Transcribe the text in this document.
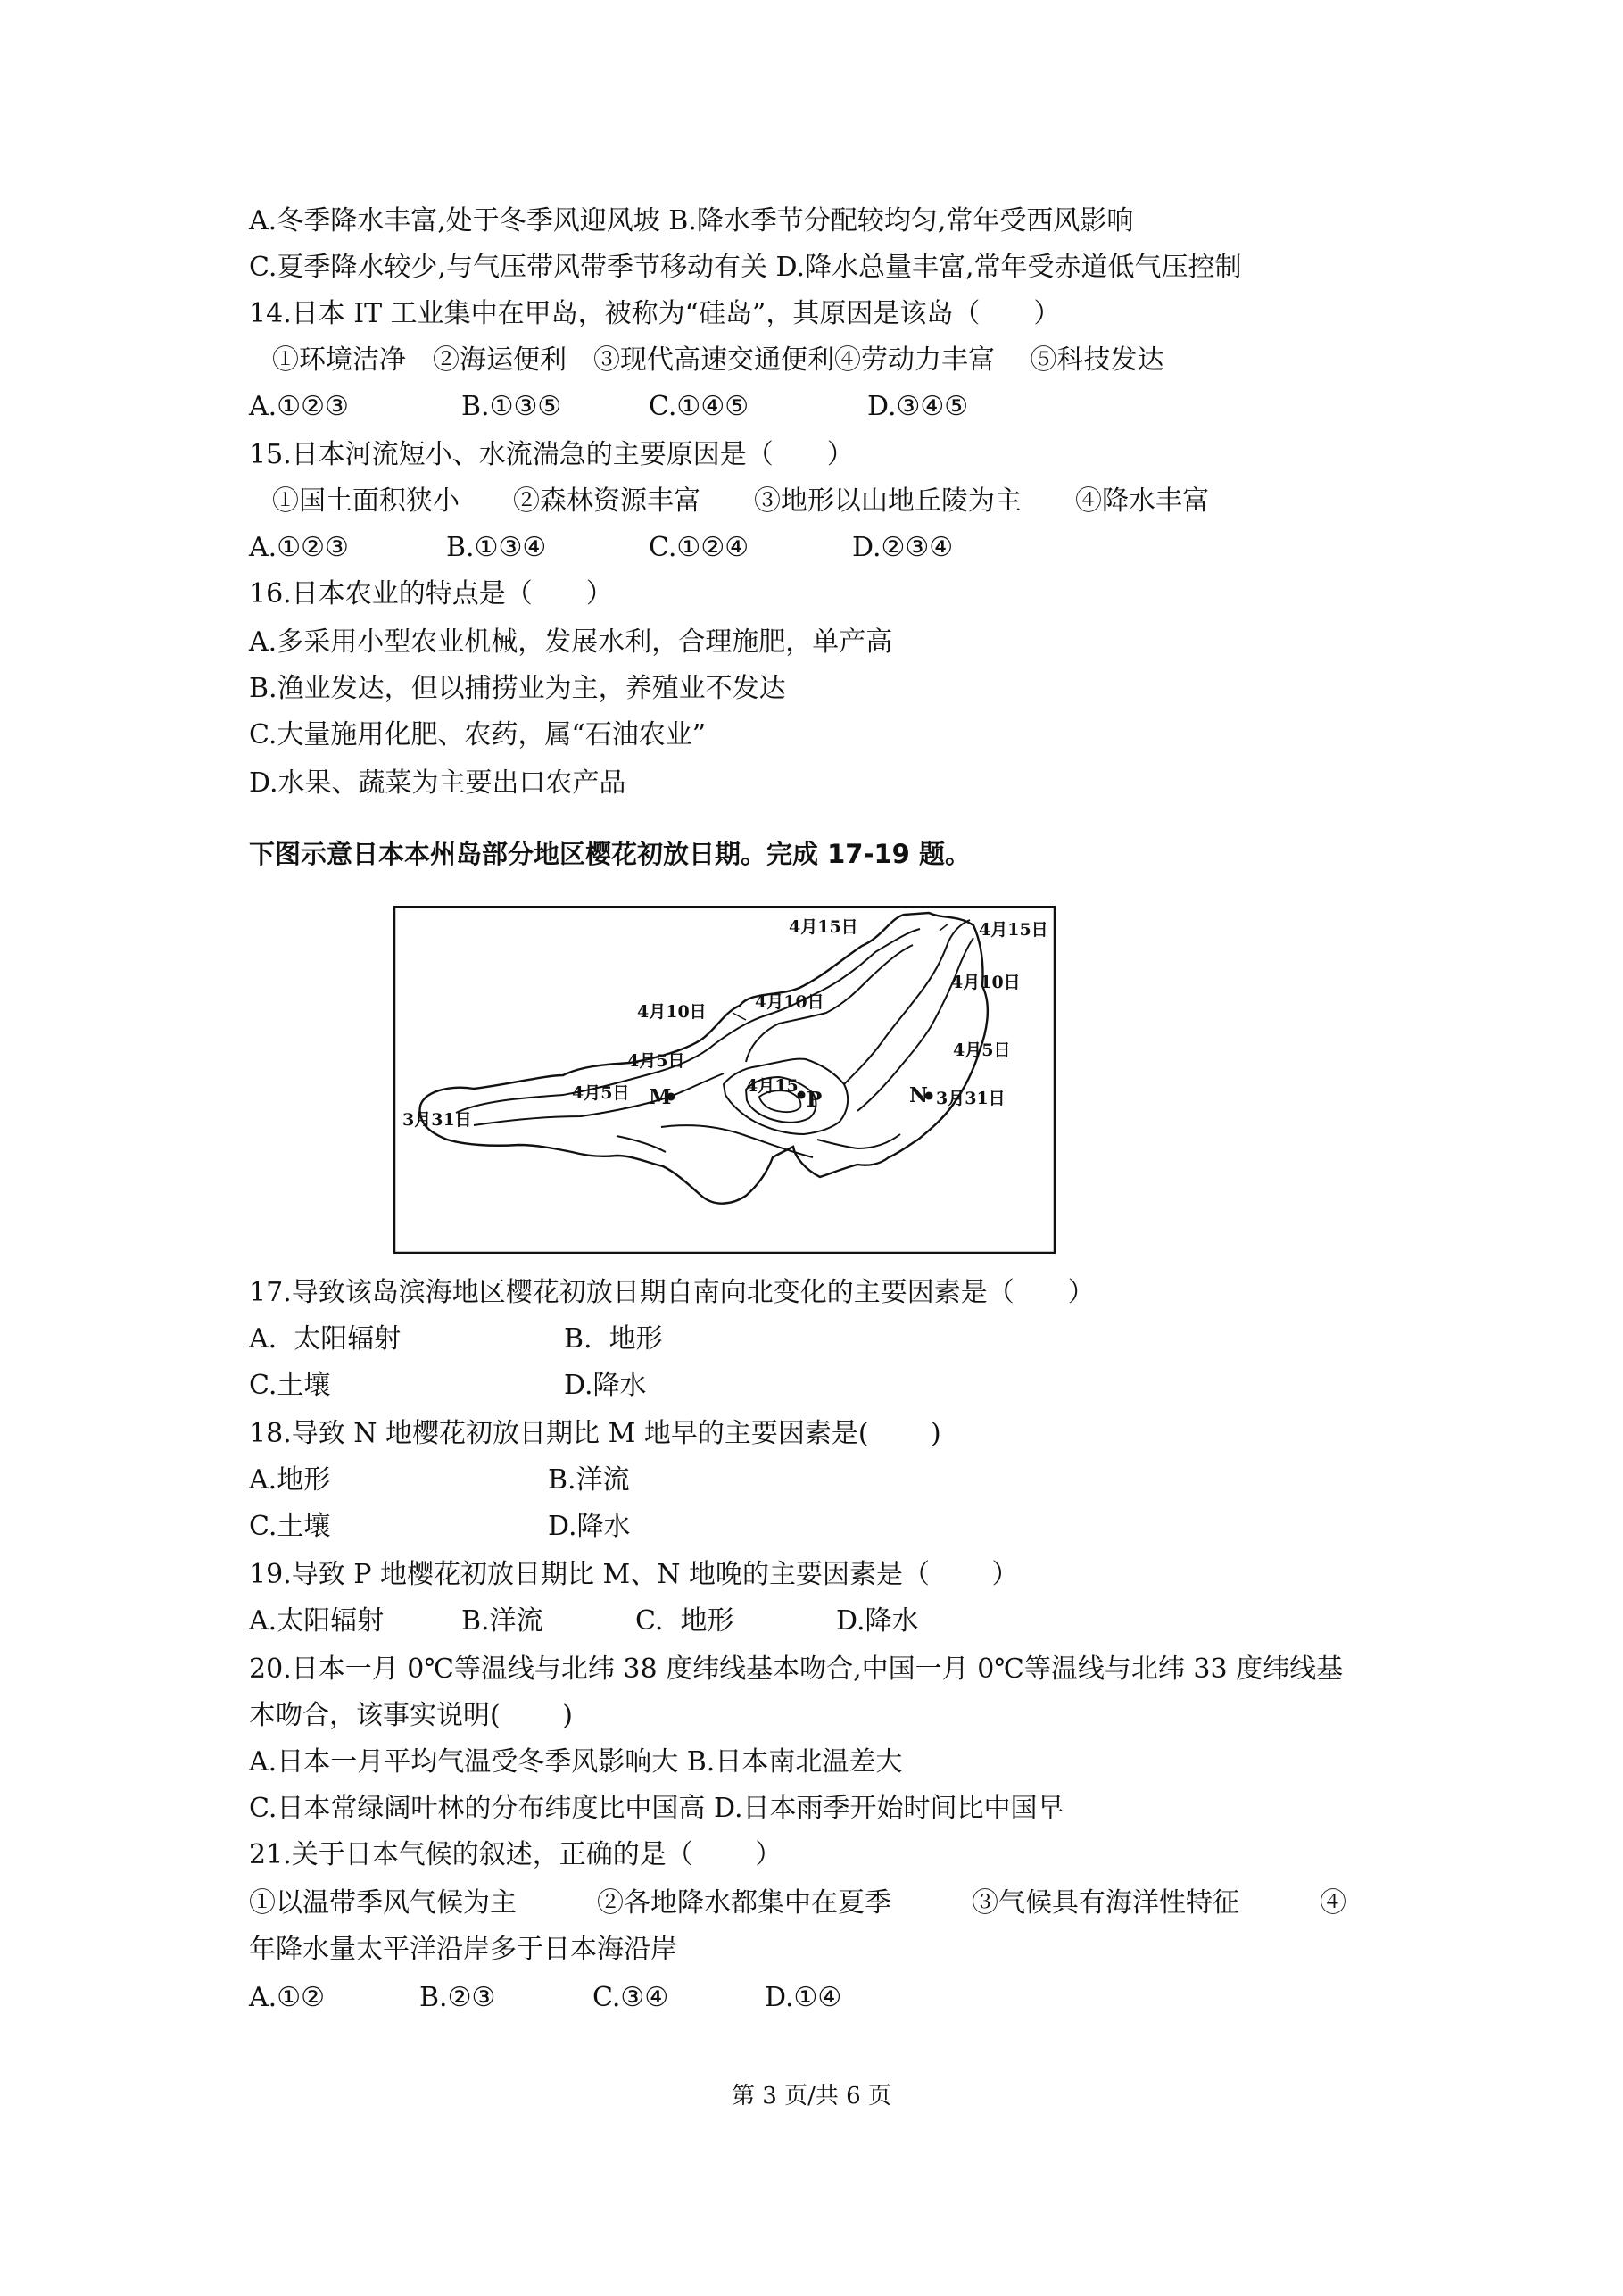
A.冬季降水丰富,处于冬季风迎风坡 B.降水季节分配较均匀,常年受西风影响
C.夏季降水较少,与气压带风带季节移动有关 D.降水总量丰富,常年受赤道低气压控制
14.日本 IT 工业集中在甲岛，被称为“硅岛”，其原因是该岛（　　）
①环境洁净　②海运便利　③现代高速交通便利④劳动力丰富　 ⑤科技发达
A.①②③	B.①③⑤	C.①④⑤	D.③④⑤
15.日本河流短小、水流湍急的主要原因是（　　）
①国土面积狭小　　②森林资源丰富　　③地形以山地丘陵为主　　④降水丰富
A.①②③	B.①③④	C.①②④	D.②③④
16.日本农业的特点是（　　）
A.多采用小型农业机械，发展水利，合理施肥，单产高
B.渔业发达，但以捕捞业为主，养殖业不发达
C.大量施用化肥、农药，属“石油农业”
D.水果、蔬菜为主要出口农产品
下图示意日本本州岛部分地区樱花初放日期。完成 17-19 题。
4月15日	4月15日
4月10日
4月10日	4月10日
4月5日
4月5日
4月5日
4月15
3月31日
3月31日
M	P	N
17.导致该岛滨海地区樱花初放日期自南向北变化的主要因素是（　　）
A.  太阳辐射	B.  地形
C.土壤	D.降水
18.导致 N 地樱花初放日期比 M 地早的主要因素是(　　 )
A.地形	B.洋流
C.土壤	D.降水
19.导致 P 地樱花初放日期比 M、N 地晚的主要因素是（　　 ）
A.太阳辐射	B.洋流	C.  地形	D.降水
20.日本一月 0℃等温线与北纬 38 度纬线基本吻合,中国一月 0℃等温线与北纬 33 度纬线基
本吻合，该事实说明(　　 )
A.日本一月平均气温受冬季风影响大 B.日本南北温差大
C.日本常绿阔叶林的分布纬度比中国高 D.日本雨季开始时间比中国早
21.关于日本气候的叙述，正确的是（　　 ）
①以温带季风气候为主　　　②各地降水都集中在夏季　　　③气候具有海洋性特征　　　④
年降水量太平洋沿岸多于日本海沿岸
A.①②	B.②③	C.③④	D.①④
第 3 页/共 6 页
